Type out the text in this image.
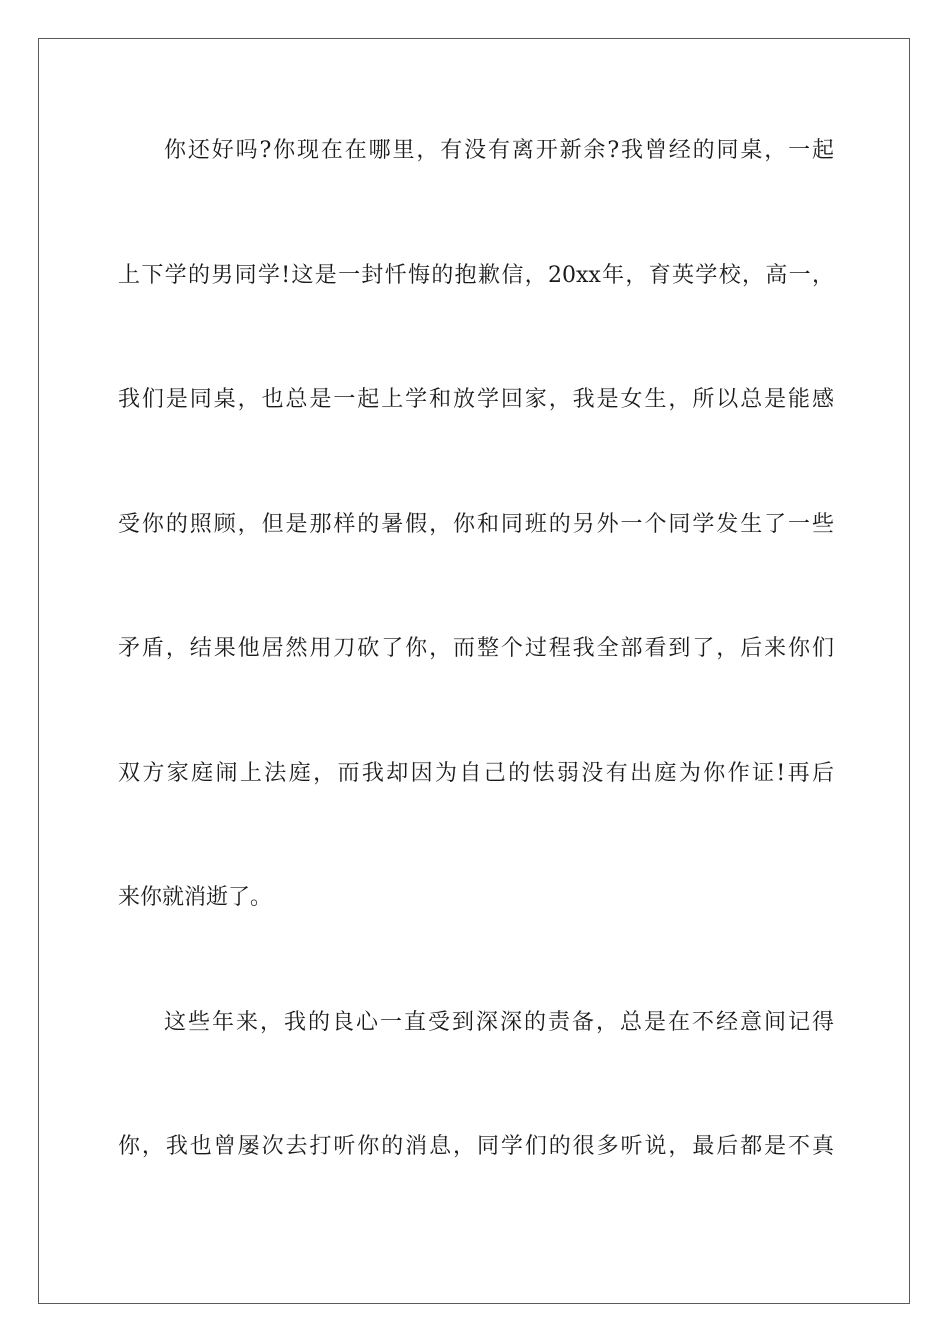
你还好吗?你现在在哪里，有没有离开新余?我曾经的同桌，一起
上下学的男同学!这是一封忏悔的抱歉信，20xx年，育英学校，高一，
我们是同桌，也总是一起上学和放学回家，我是女生，所以总是能感
受你的照顾，但是那样的暑假，你和同班的另外一个同学发生了一些
矛盾，结果他居然用刀砍了你，而整个过程我全部看到了，后来你们
双方家庭闹上法庭，而我却因为自己的怯弱没有出庭为你作证!再后
来你就消逝了。
这些年来，我的良心一直受到深深的责备，总是在不经意间记得
你，我也曾屡次去打听你的消息，同学们的很多听说，最后都是不真
